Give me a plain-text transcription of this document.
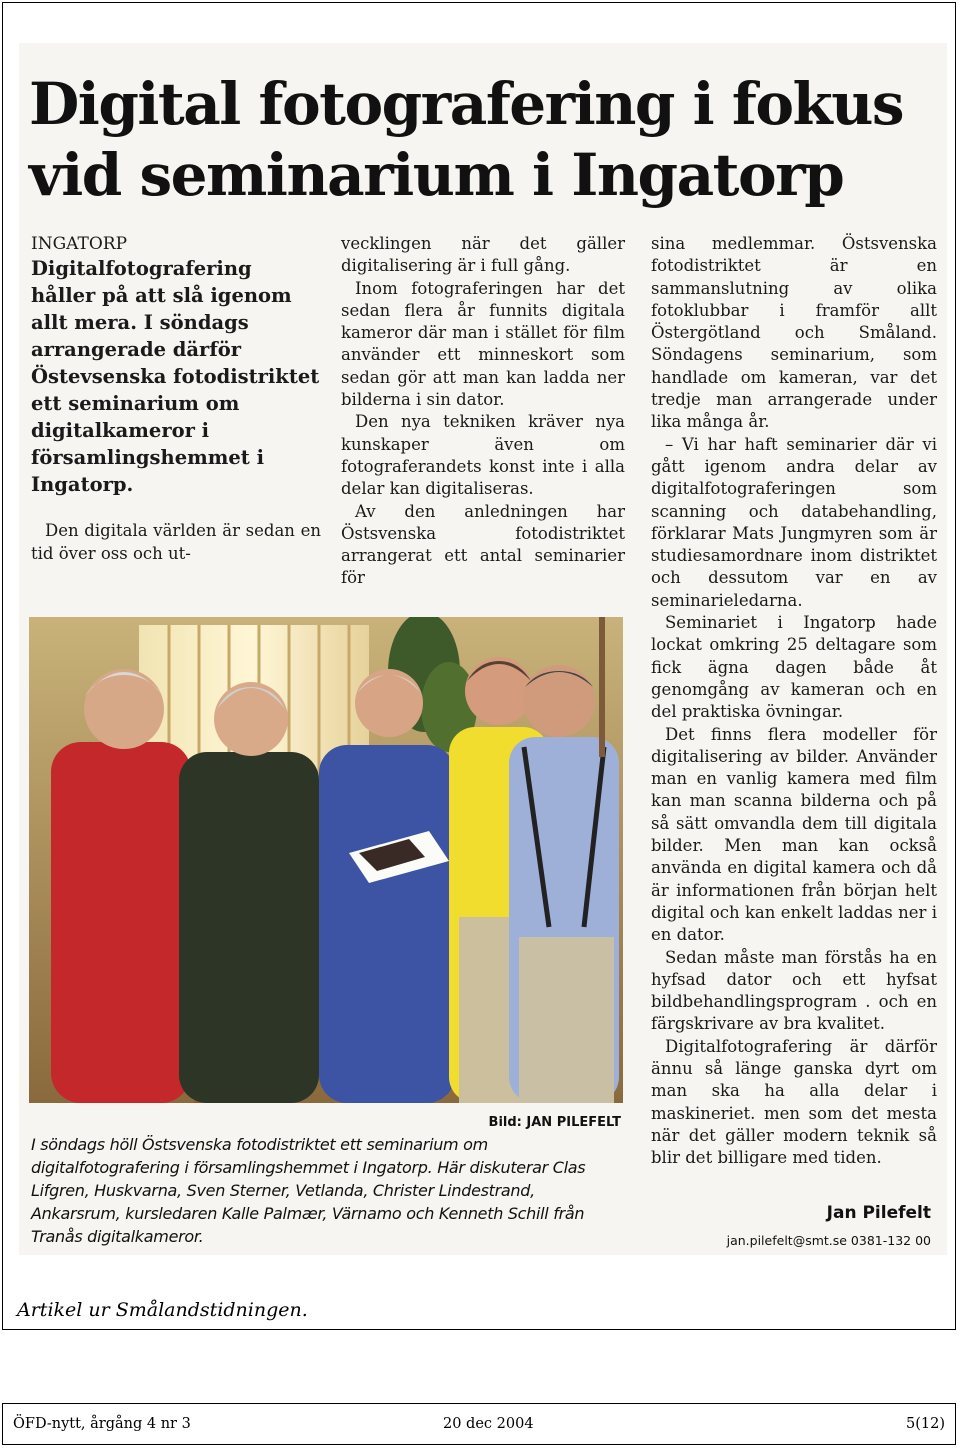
Digital fotografering i fokus
vid seminarium i Ingatorp

INGATORP

Digitalfotografering håller på att slå igenom allt mera. I söndags arrangerade därför Östevsenska fotodistriktet ett seminarium om digitalkameror i församlingshemmet i Ingatorp.

Den digitala världen är sedan en tid över oss och ut-

vecklingen när det gäller digitalisering är i full gång.

Inom fotograferingen har det sedan flera år funnits digitala kameror där man i stället för film använder ett minneskort som sedan gör att man kan ladda ner bilderna i sin dator.

Den nya tekniken kräver nya kunskaper även om fotograferandets konst inte i alla delar kan digitaliseras.

Av den anledningen har Östsvenska fotodistriktet arrangerat ett antal seminarier för

sina medlemmar. Östsvenska fotodistriktet är en sammanslutning av olika fotoklubbar i framför allt Östergötland och Småland. Söndagens seminarium, som handlade om kameran, var det tredje man arrangerade under lika många år.

– Vi har haft seminarier där vi gått igenom andra delar av digitalfotograferingen som scanning och databehandling, förklarar Mats Jungmyren som är studiesamordnare inom distriktet och dessutom var en av seminarieledarna.

Seminariet i Ingatorp hade lockat omkring 25 deltagare som fick ägna dagen både åt genomgång av kameran och en del praktiska övningar.

Det finns flera modeller för digitalisering av bilder. Använder man en vanlig kamera med film kan man scanna bilderna och på så sätt omvandla dem till digitala bilder. Men man kan också använda en digital kamera och då är informationen från början helt digital och kan enkelt laddas ner i en dator.

Sedan måste man förstås ha en hyfsad dator och ett hyfsat bildbehandlingsprogram . och en färgskrivare av bra kvalitet.

Digitalfotografering är därför ännu så länge ganska dyrt om man ska ha alla delar i maskineriet. men som det mesta när det gäller modern teknik så blir det billigare med tiden.

Bild: JAN PILEFELT
I söndags höll Östsvenska fotodistriktet ett seminarium om digitalfotografering i församlingshemmet i Ingatorp. Här diskuterar Clas Lifgren, Huskvarna, Sven Sterner, Vetlanda, Christer Lindestrand, Ankarsrum, kursledaren Kalle Palmær, Värnamo och Kenneth Schill från Tranås digitalkameror.
Jan Pilefelt
jan.pilefelt@smt.se 0381-132 00
Artikel ur Smålandstidningen.
ÖFD-nytt, årgång 4 nr 3	20 dec 2004	5(12)
